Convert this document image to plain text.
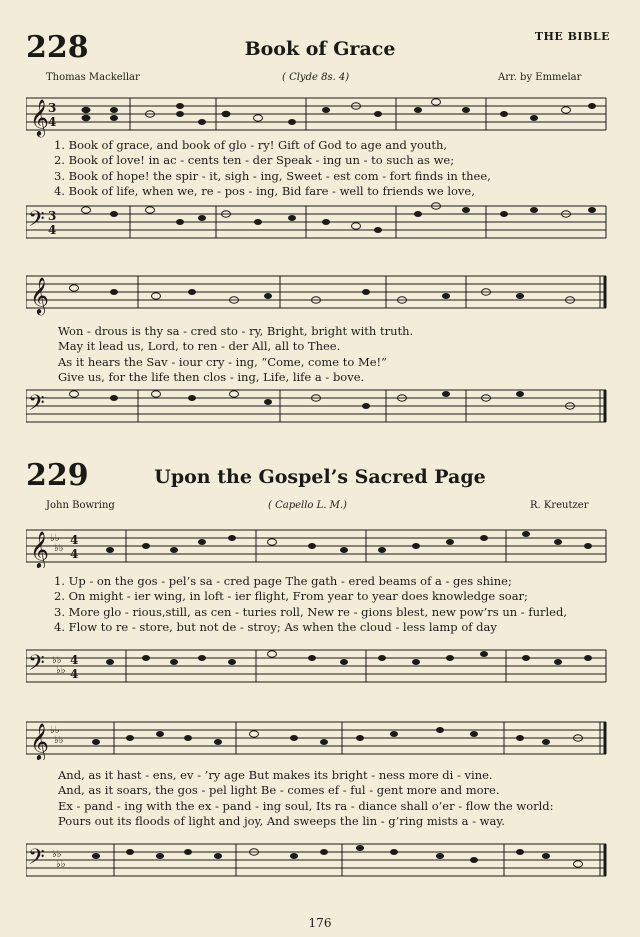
THE BIBLE
228	Book of Grace
Thomas Mackellar	( Clyde 8s. 4)	Arr. by Emmelar
𝄞 3
4
1. Book of grace, and book of glo - ry! Gift of God to age and youth,
2. Book of love! in ac - cents ten - der Speak - ing un - to such as we;
3. Book of hope! the spir - it, sigh - ing, Sweet - est com - fort finds in thee,
4. Book of life, when we, re - pos - ing, Bid fare - well to friends we love,
𝄢 3
4
𝄞
Won - drous is thy sa - cred sto - ry, Bright, bright with truth.
May it lead us, Lord, to ren - der All, all to Thee.
As it hears the Sav - iour cry - ing, “Come, come to Me!”
Give us, for the life then clos - ing, Life, life a - bove.
𝄢
229	Upon the Gospel’s Sacred Page
John Bowring	( Capello L. M.)	R. Kreutzer
𝄞 ♭♭
♭♭
4
4
1. Up - on the gos - pel’s sa - cred page The gath - ered beams of a - ges shine;
2. On might - ier wing, in loft - ier flight, From year to year does knowledge soar;
3. More glo - rious,still, as cen - turies roll, New re - gions blest, new pow’rs un - furled,
4. Flow to re - store, but not de - stroy; As when the cloud - less lamp of day
𝄢 ♭♭
♭♭
4
4
𝄞 ♭♭
♭♭
And, as it hast - ens, ev - ’ry age But makes its bright - ness more di - vine.
And, as it soars, the gos - pel light Be - comes ef - ful - gent more and more.
Ex - pand - ing with the ex - pand - ing soul, Its ra - diance shall o’er - flow the world:
Pours out its floods of light and joy, And sweeps the lin - g’ring mists a - way.
𝄢 ♭♭
♭♭
176
